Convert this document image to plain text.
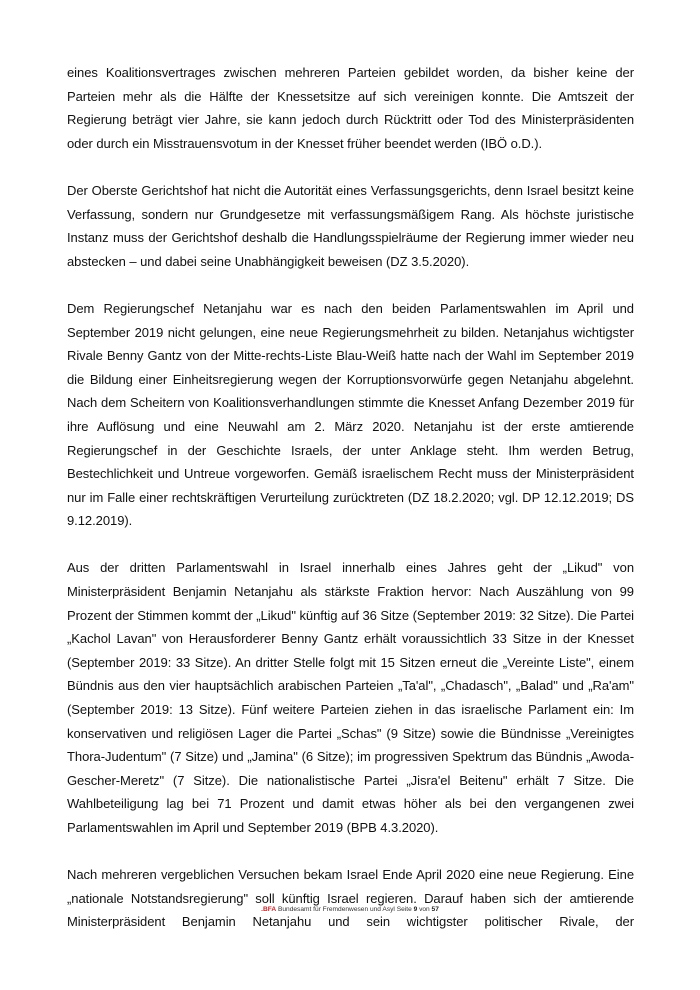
eines Koalitionsvertrages zwischen mehreren Parteien gebildet worden, da bisher keine der Parteien mehr als die Hälfte der Knessetsitze auf sich vereinigen konnte. Die Amtszeit der Regierung beträgt vier Jahre, sie kann jedoch durch Rücktritt oder Tod des Ministerpräsidenten oder durch ein Misstrauensvotum in der Knesset früher beendet werden (IBÖ o.D.).

Der Oberste Gerichtshof hat nicht die Autorität eines Verfassungsgerichts, denn Israel besitzt keine Verfassung, sondern nur Grundgesetze mit verfassungsmäßigem Rang. Als höchste juristische Instanz muss der Gerichtshof deshalb die Handlungsspielräume der Regierung immer wieder neu abstecken – und dabei seine Unabhängigkeit beweisen (DZ 3.5.2020).

Dem Regierungschef Netanjahu war es nach den beiden Parlamentswahlen im April und September 2019 nicht gelungen, eine neue Regierungsmehrheit zu bilden. Netanjahus wichtigster Rivale Benny Gantz von der Mitte-rechts-Liste Blau-Weiß hatte nach der Wahl im September 2019 die Bildung einer Einheitsregierung wegen der Korruptionsvorwürfe gegen Netanjahu abgelehnt. Nach dem Scheitern von Koalitionsverhandlungen stimmte die Knesset Anfang Dezember 2019 für ihre Auflösung und eine Neuwahl am 2. März 2020. Netanjahu ist der erste amtierende Regierungschef in der Geschichte Israels, der unter Anklage steht. Ihm werden Betrug, Bestechlichkeit und Untreue vorgeworfen. Gemäß israelischem Recht muss der Ministerpräsident nur im Falle einer rechtskräftigen Verurteilung zurücktreten (DZ 18.2.2020; vgl. DP 12.12.2019; DS 9.12.2019).

Aus der dritten Parlamentswahl in Israel innerhalb eines Jahres geht der „Likud" von Ministerpräsident Benjamin Netanjahu als stärkste Fraktion hervor: Nach Auszählung von 99 Prozent der Stimmen kommt der „Likud" künftig auf 36 Sitze (September 2019: 32 Sitze). Die Partei „Kachol Lavan" von Herausforderer Benny Gantz erhält voraussichtlich 33 Sitze in der Knesset (September 2019: 33 Sitze). An dritter Stelle folgt mit 15 Sitzen erneut die „Vereinte Liste", einem Bündnis aus den vier hauptsächlich arabischen Parteien „Ta'al", „Chadasch", „Balad" und „Ra'am" (September 2019: 13 Sitze). Fünf weitere Parteien ziehen in das israelische Parlament ein: Im konservativen und religiösen Lager die Partei „Schas" (9 Sitze) sowie die Bündnisse „Vereinigtes Thora-Judentum" (7 Sitze) und „Jamina" (6 Sitze); im progressiven Spektrum das Bündnis „Awoda-Gescher-Meretz" (7 Sitze). Die nationalistische Partei „Jisra'el Beitenu" erhält 7 Sitze. Die Wahlbeteiligung lag bei 71 Prozent und damit etwas höher als bei den vergangenen zwei Parlamentswahlen im April und September 2019 (BPB 4.3.2020).

Nach mehreren vergeblichen Versuchen bekam Israel Ende April 2020 eine neue Regierung. Eine „nationale Notstandsregierung" soll künftig Israel regieren. Darauf haben sich der amtierende Ministerpräsident Benjamin Netanjahu und sein wichtigster politischer Rivale, der

.BFA Bundesamt für Fremdenwesen und Asyl Seite 9 von 57
